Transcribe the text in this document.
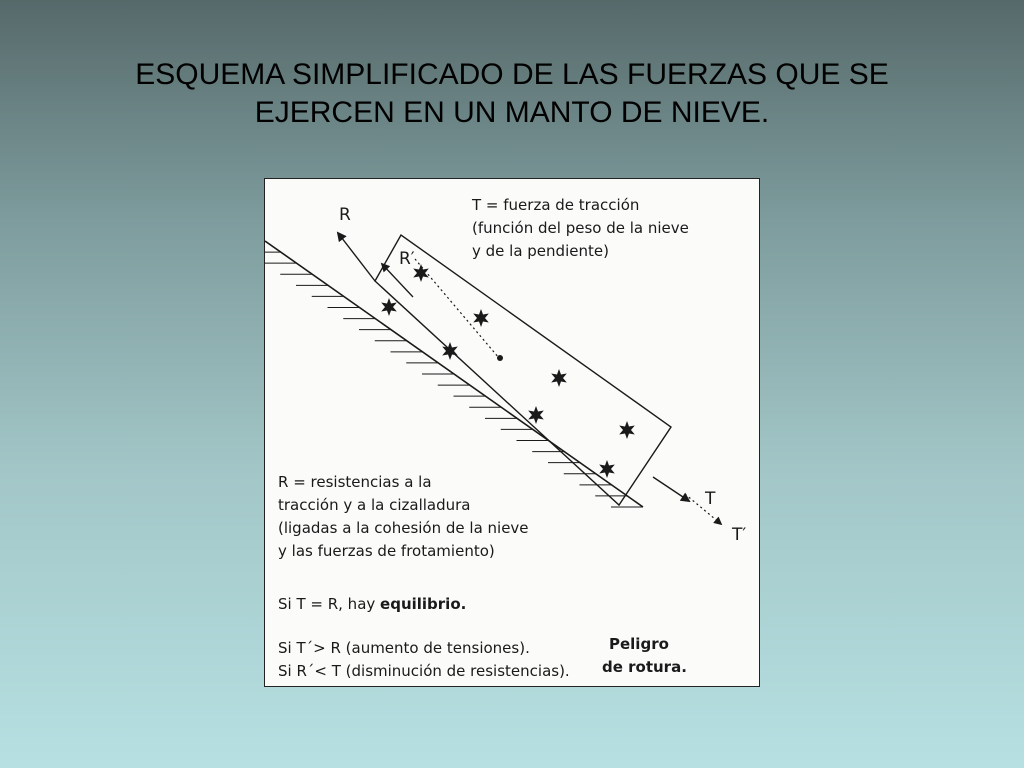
ESQUEMA SIMPLIFICADO DE LAS FUERZAS QUE SE
EJERCEN EN UN MANTO DE NIEVE.
R
R′
T
T′
T = fuerza de tracción
(función del peso de la nieve
y de la pendiente)
R = resistencias a la
tracción y a la cizalladura
(ligadas a la cohesión de la nieve
y las fuerzas de frotamiento)
Si T = R, hay equilibrio.
Si T´> R (aumento de tensiones).
Si R´< T (disminución de resistencias).
Peligro
de rotura.
